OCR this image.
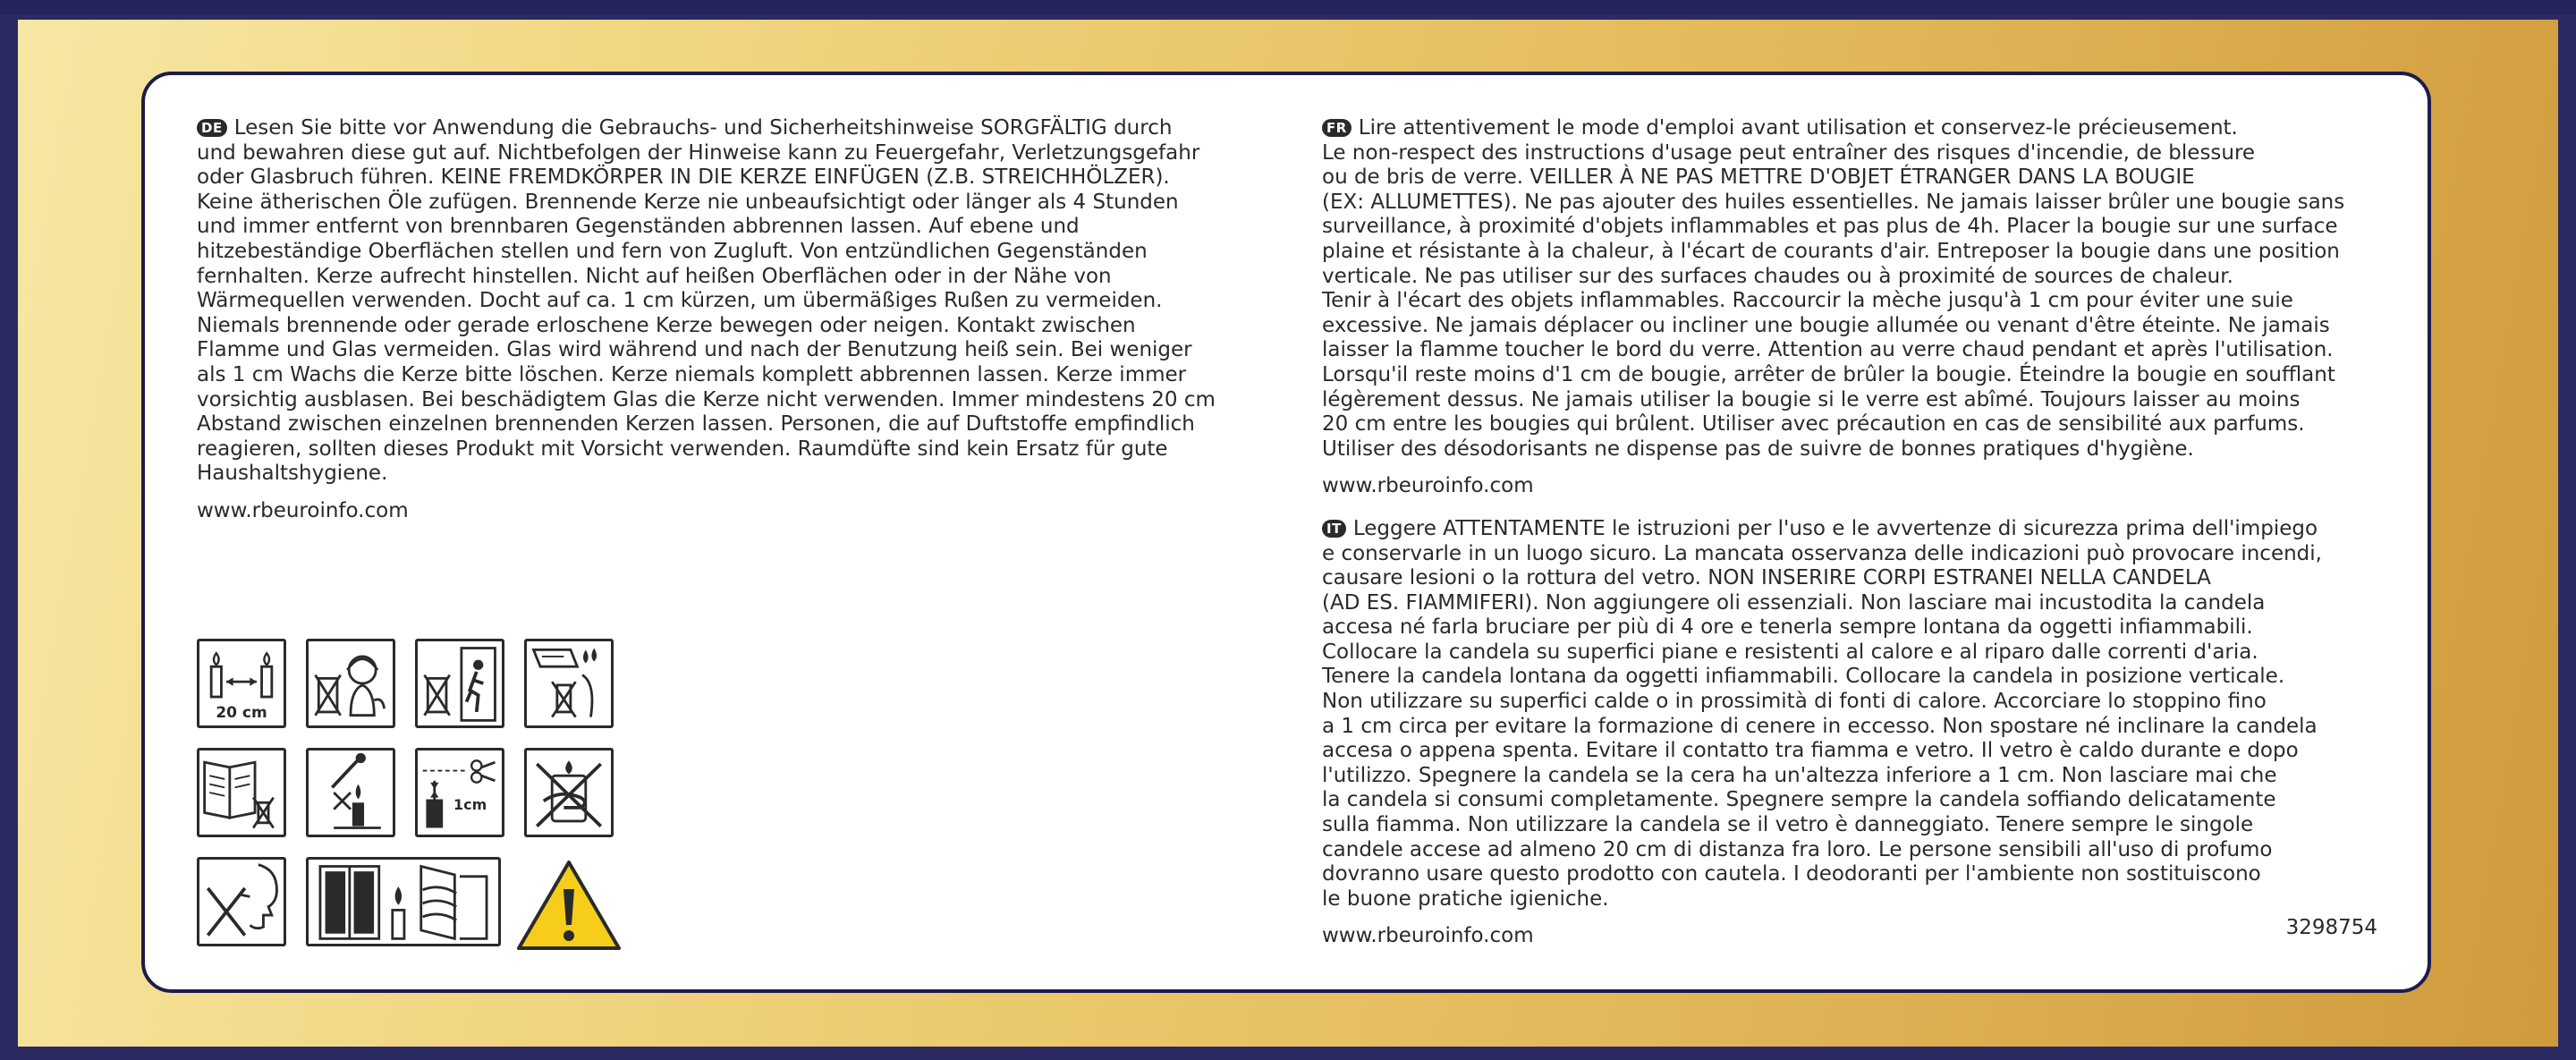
DE Lesen Sie bitte vor Anwendung die Gebrauchs- und Sicherheitshinweise SORGFÄLTIG durch
und bewahren diese gut auf. Nichtbefolgen der Hinweise kann zu Feuergefahr, Verletzungsgefahr
oder Glasbruch führen. KEINE FREMDKÖRPER IN DIE KERZE EINFÜGEN (Z.B. STREICHHÖLZER).
Keine ätherischen Öle zufügen. Brennende Kerze nie unbeaufsichtigt oder länger als 4 Stunden
und immer entfernt von brennbaren Gegenständen abbrennen lassen. Auf ebene und
hitzebeständige Oberflächen stellen und fern von Zugluft. Von entzündlichen Gegenständen
fernhalten. Kerze aufrecht hinstellen. Nicht auf heißen Oberflächen oder in der Nähe von
Wärmequellen verwenden. Docht auf ca. 1 cm kürzen, um übermäßiges Rußen zu vermeiden.
Niemals brennende oder gerade erloschene Kerze bewegen oder neigen. Kontakt zwischen
Flamme und Glas vermeiden. Glas wird während und nach der Benutzung heiß sein. Bei weniger
als 1 cm Wachs die Kerze bitte löschen. Kerze niemals komplett abbrennen lassen. Kerze immer
vorsichtig ausblasen. Bei beschädigtem Glas die Kerze nicht verwenden. Immer mindestens 20 cm
Abstand zwischen einzelnen brennenden Kerzen lassen. Personen, die auf Duftstoffe empfindlich
reagieren, sollten dieses Produkt mit Vorsicht verwenden. Raumdüfte sind kein Ersatz für gute
Haushaltshygiene.

www.rbeuroinfo.com

FR Lire attentivement le mode d'emploi avant utilisation et conservez-le précieusement.
Le non-respect des instructions d'usage peut entraîner des risques d'incendie, de blessure
ou de bris de verre. VEILLER À NE PAS METTRE D'OBJET ÉTRANGER DANS LA BOUGIE
(EX: ALLUMETTES). Ne pas ajouter des huiles essentielles. Ne jamais laisser brûler une bougie sans
surveillance, à proximité d'objets inflammables et pas plus de 4h. Placer la bougie sur une surface
plaine et résistante à la chaleur, à l'écart de courants d'air. Entreposer la bougie dans une position
verticale. Ne pas utiliser sur des surfaces chaudes ou à proximité de sources de chaleur.
Tenir à l'écart des objets inflammables. Raccourcir la mèche jusqu'à 1 cm pour éviter une suie
excessive. Ne jamais déplacer ou incliner une bougie allumée ou venant d'être éteinte. Ne jamais
laisser la flamme toucher le bord du verre. Attention au verre chaud pendant et après l'utilisation.
Lorsqu'il reste moins d'1 cm de bougie, arrêter de brûler la bougie. Éteindre la bougie en soufflant
légèrement dessus. Ne jamais utiliser la bougie si le verre est abîmé. Toujours laisser au moins
20 cm entre les bougies qui brûlent. Utiliser avec précaution en cas de sensibilité aux parfums.
Utiliser des désodorisants ne dispense pas de suivre de bonnes pratiques d'hygiène.

www.rbeuroinfo.com

IT Leggere ATTENTAMENTE le istruzioni per l'uso e le avvertenze di sicurezza prima dell'impiego
e conservarle in un luogo sicuro. La mancata osservanza delle indicazioni può provocare incendi,
causare lesioni o la rottura del vetro. NON INSERIRE CORPI ESTRANEI NELLA CANDELA
(AD ES. FIAMMIFERI). Non aggiungere oli essenziali. Non lasciare mai incustodita la candela
accesa né farla bruciare per più di 4 ore e tenerla sempre lontana da oggetti infiammabili.
Collocare la candela su superfici piane e resistenti al calore e al riparo dalle correnti d'aria.
Tenere la candela lontana da oggetti infiammabili. Collocare la candela in posizione verticale.
Non utilizzare su superfici calde o in prossimità di fonti di calore. Accorciare lo stoppino fino
a 1 cm circa per evitare la formazione di cenere in eccesso. Non spostare né inclinare la candela
accesa o appena spenta. Evitare il contatto tra fiamma e vetro. Il vetro è caldo durante e dopo
l'utilizzo. Spegnere la candela se la cera ha un'altezza inferiore a 1 cm. Non lasciare mai che
la candela si consumi completamente. Spegnere sempre la candela soffiando delicatamente
sulla fiamma. Non utilizzare la candela se il vetro è danneggiato. Tenere sempre le singole
candele accese ad almeno 20 cm di distanza fra loro. Le persone sensibili all'uso di profumo
dovranno usare questo prodotto con cautela. I deodoranti per l'ambiente non sostituiscono
le buone pratiche igieniche.

www.rbeuroinfo.com

20 cm
1cm
3298754
